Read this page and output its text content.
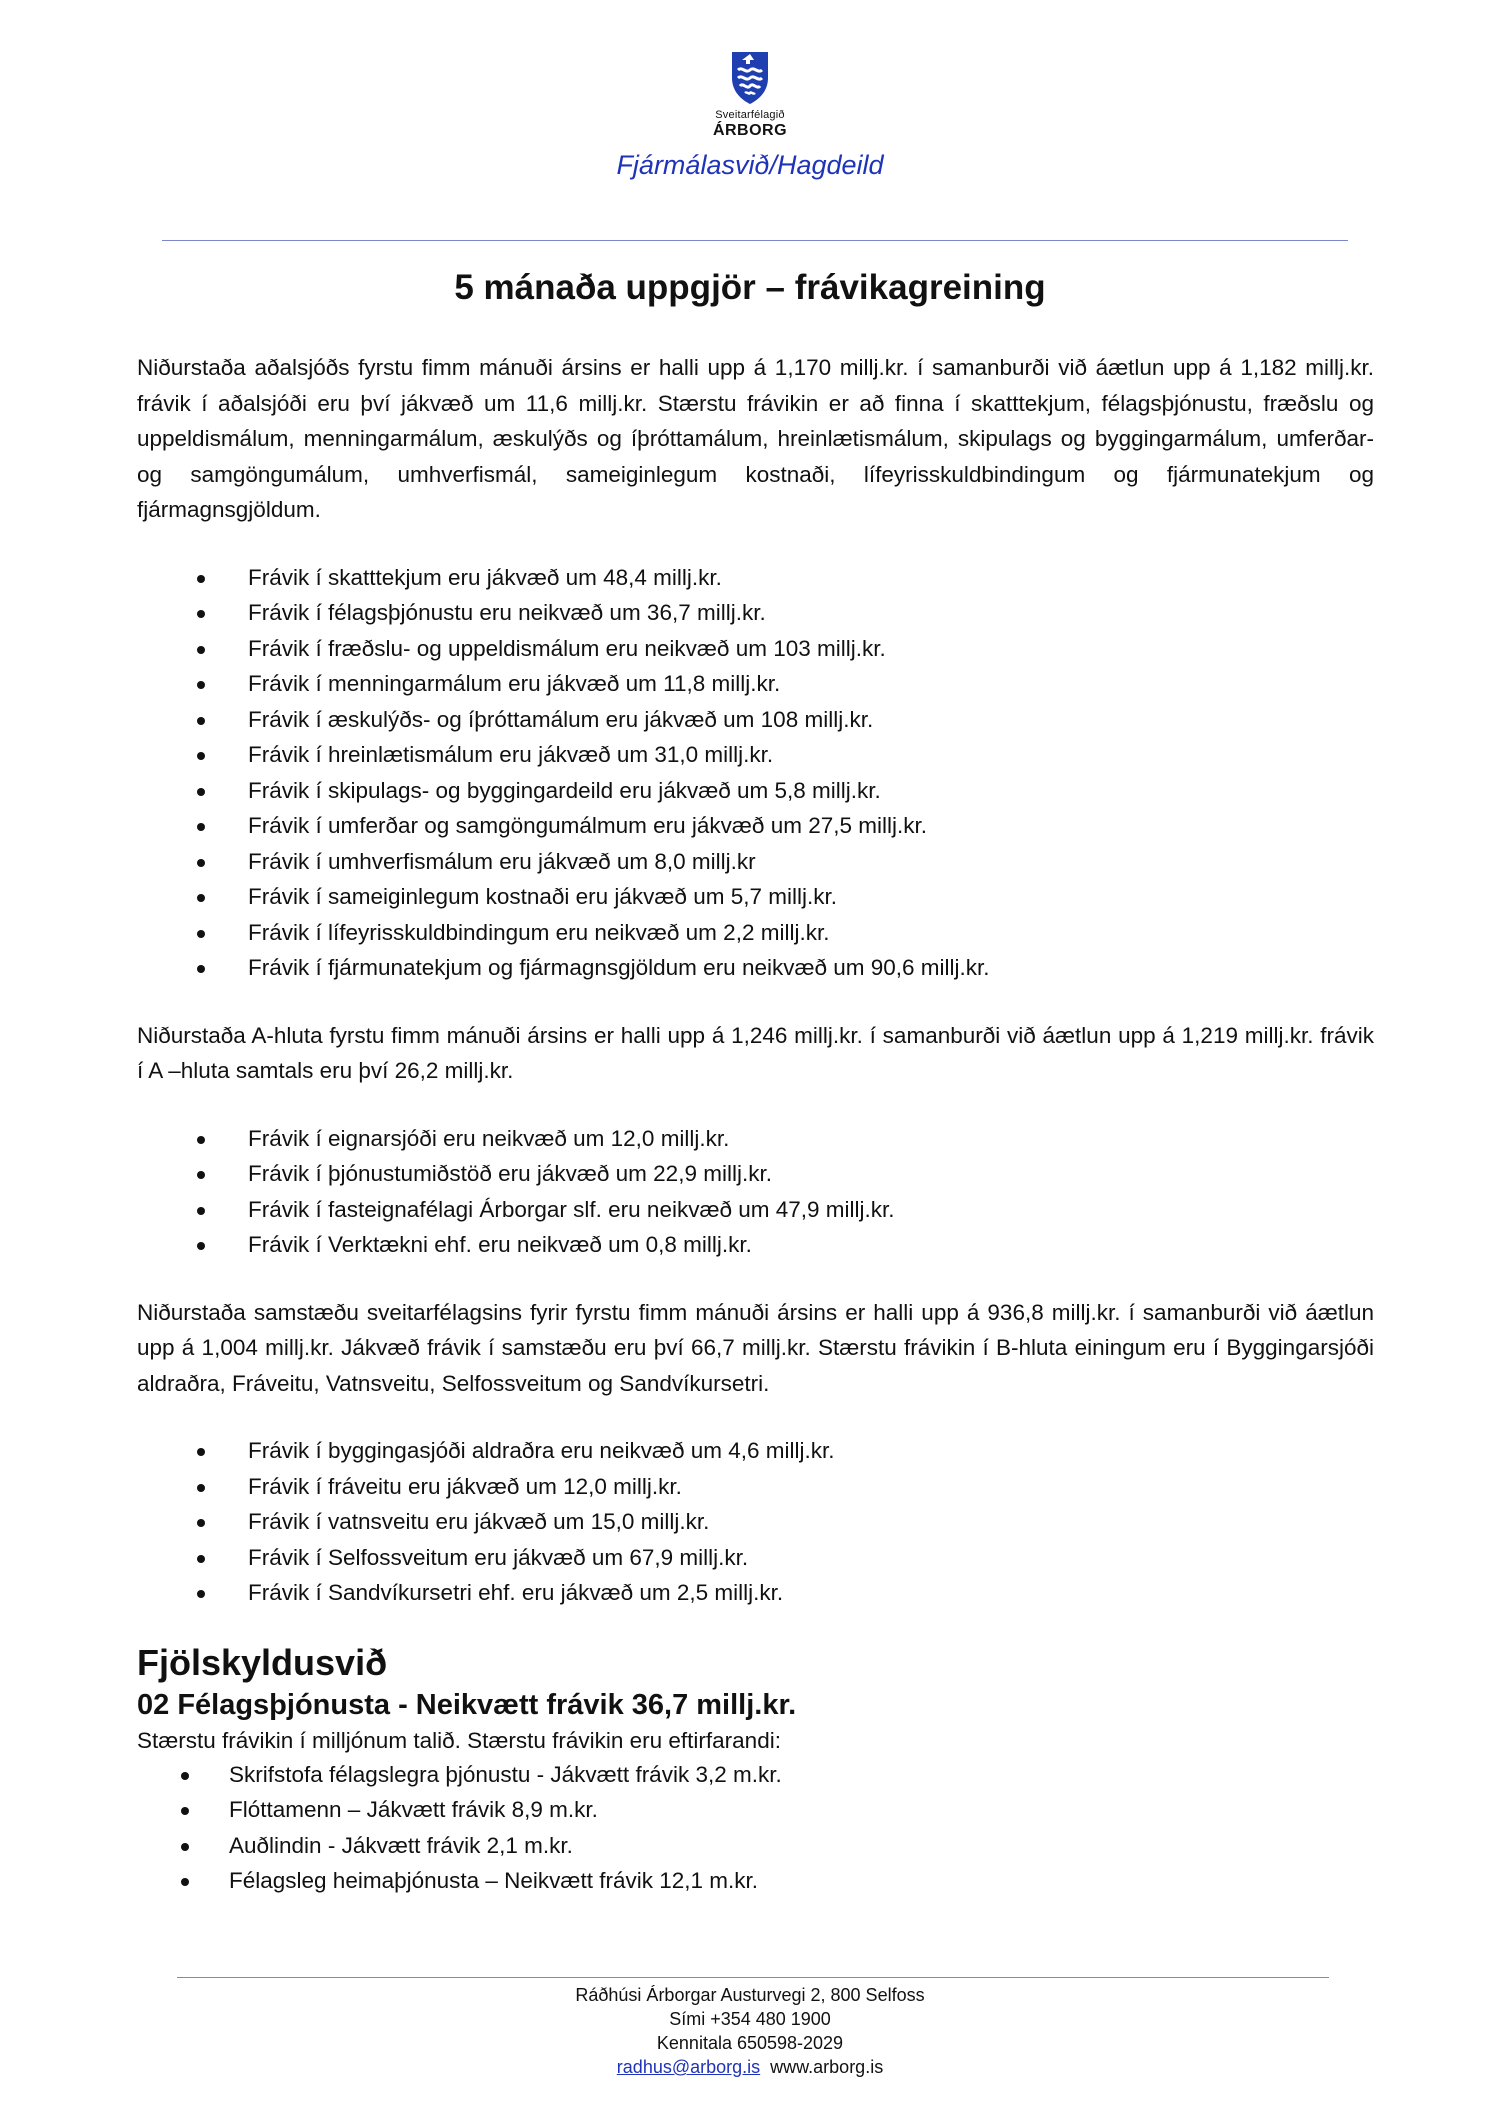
Sveitarfélagið
ÁRBORG
Fjármálasvið/Hagdeild
5 mánaða uppgjör – frávikagreining

Niðurstaða aðalsjóðs fyrstu fimm mánuði ársins er halli upp á 1,170 millj.kr. í samanburði við áætlun upp á 1,182 millj.kr. frávik í aðalsjóði eru því jákvæð um 11,6 millj.kr. Stærstu frávikin er að finna í skatttekjum, félagsþjónustu, fræðslu og uppeldismálum, menningarmálum, æskulýðs og íþróttamálum, hreinlætismálum, skipulags og byggingarmálum, umferðar- og samgöngumálum, umhverfismál, sameiginlegum kostnaði, lífeyrisskuldbindingum og fjármunatekjum og fjármagnsgjöldum.

Frávik í skatttekjum eru jákvæð um 48,4 millj.kr.
Frávik í félagsþjónustu eru neikvæð um 36,7 millj.kr.
Frávik í fræðslu- og uppeldismálum eru neikvæð um 103 millj.kr.
Frávik í menningarmálum eru jákvæð um 11,8 millj.kr.
Frávik í æskulýðs- og íþróttamálum eru jákvæð um 108 millj.kr.
Frávik í hreinlætismálum eru jákvæð um 31,0 millj.kr.
Frávik í skipulags- og byggingardeild eru jákvæð um 5,8 millj.kr.
Frávik í umferðar og samgöngumálmum eru jákvæð um 27,5 millj.kr.
Frávik í umhverfismálum eru jákvæð um 8,0 millj.kr
Frávik í sameiginlegum kostnaði eru jákvæð um 5,7 millj.kr.
Frávik í lífeyrisskuldbindingum eru neikvæð um 2,2 millj.kr.
Frávik í fjármunatekjum og fjármagnsgjöldum eru neikvæð um 90,6 millj.kr.

Niðurstaða A-hluta fyrstu fimm mánuði ársins er halli upp á 1,246 millj.kr. í samanburði við áætlun upp á 1,219 millj.kr. frávik í A –hluta samtals eru því 26,2 millj.kr.

Frávik í eignarsjóði eru neikvæð um 12,0 millj.kr.
Frávik í þjónustumiðstöð eru jákvæð um 22,9 millj.kr.
Frávik í fasteignafélagi Árborgar slf. eru neikvæð um 47,9 millj.kr.
Frávik í Verktækni ehf. eru neikvæð um 0,8 millj.kr.

Niðurstaða samstæðu sveitarfélagsins fyrir fyrstu fimm mánuði ársins er halli upp á 936,8 millj.kr. í samanburði við áætlun upp á 1,004 millj.kr. Jákvæð frávik í samstæðu eru því 66,7 millj.kr. Stærstu frávikin í B-hluta einingum eru í Byggingarsjóði aldraðra, Fráveitu, Vatnsveitu, Selfossveitum og Sandvíkursetri.

Frávik í byggingasjóði aldraðra eru neikvæð um 4,6 millj.kr.
Frávik í fráveitu eru jákvæð um 12,0 millj.kr.
Frávik í vatnsveitu eru jákvæð um 15,0 millj.kr.
Frávik í Selfossveitum eru jákvæð um 67,9 millj.kr.
Frávik í Sandvíkursetri ehf. eru jákvæð um 2,5 millj.kr.
Fjölskyldusvið
02 Félagsþjónusta - Neikvætt frávik 36,7 millj.kr.

Stærstu frávikin í milljónum talið. Stærstu frávikin eru eftirfarandi:

Skrifstofa félagslegra þjónustu - Jákvætt frávik 3,2 m.kr.
Flóttamenn – Jákvætt frávik 8,9 m.kr.
Auðlindin - Jákvætt frávik 2,1 m.kr.
Félagsleg heimaþjónusta – Neikvætt frávik 12,1 m.kr.
Ráðhúsi Árborgar Austurvegi 2, 800 Selfoss
Sími +354 480 1900
Kennitala 650598-2029
radhus@arborg.is www.arborg.is
